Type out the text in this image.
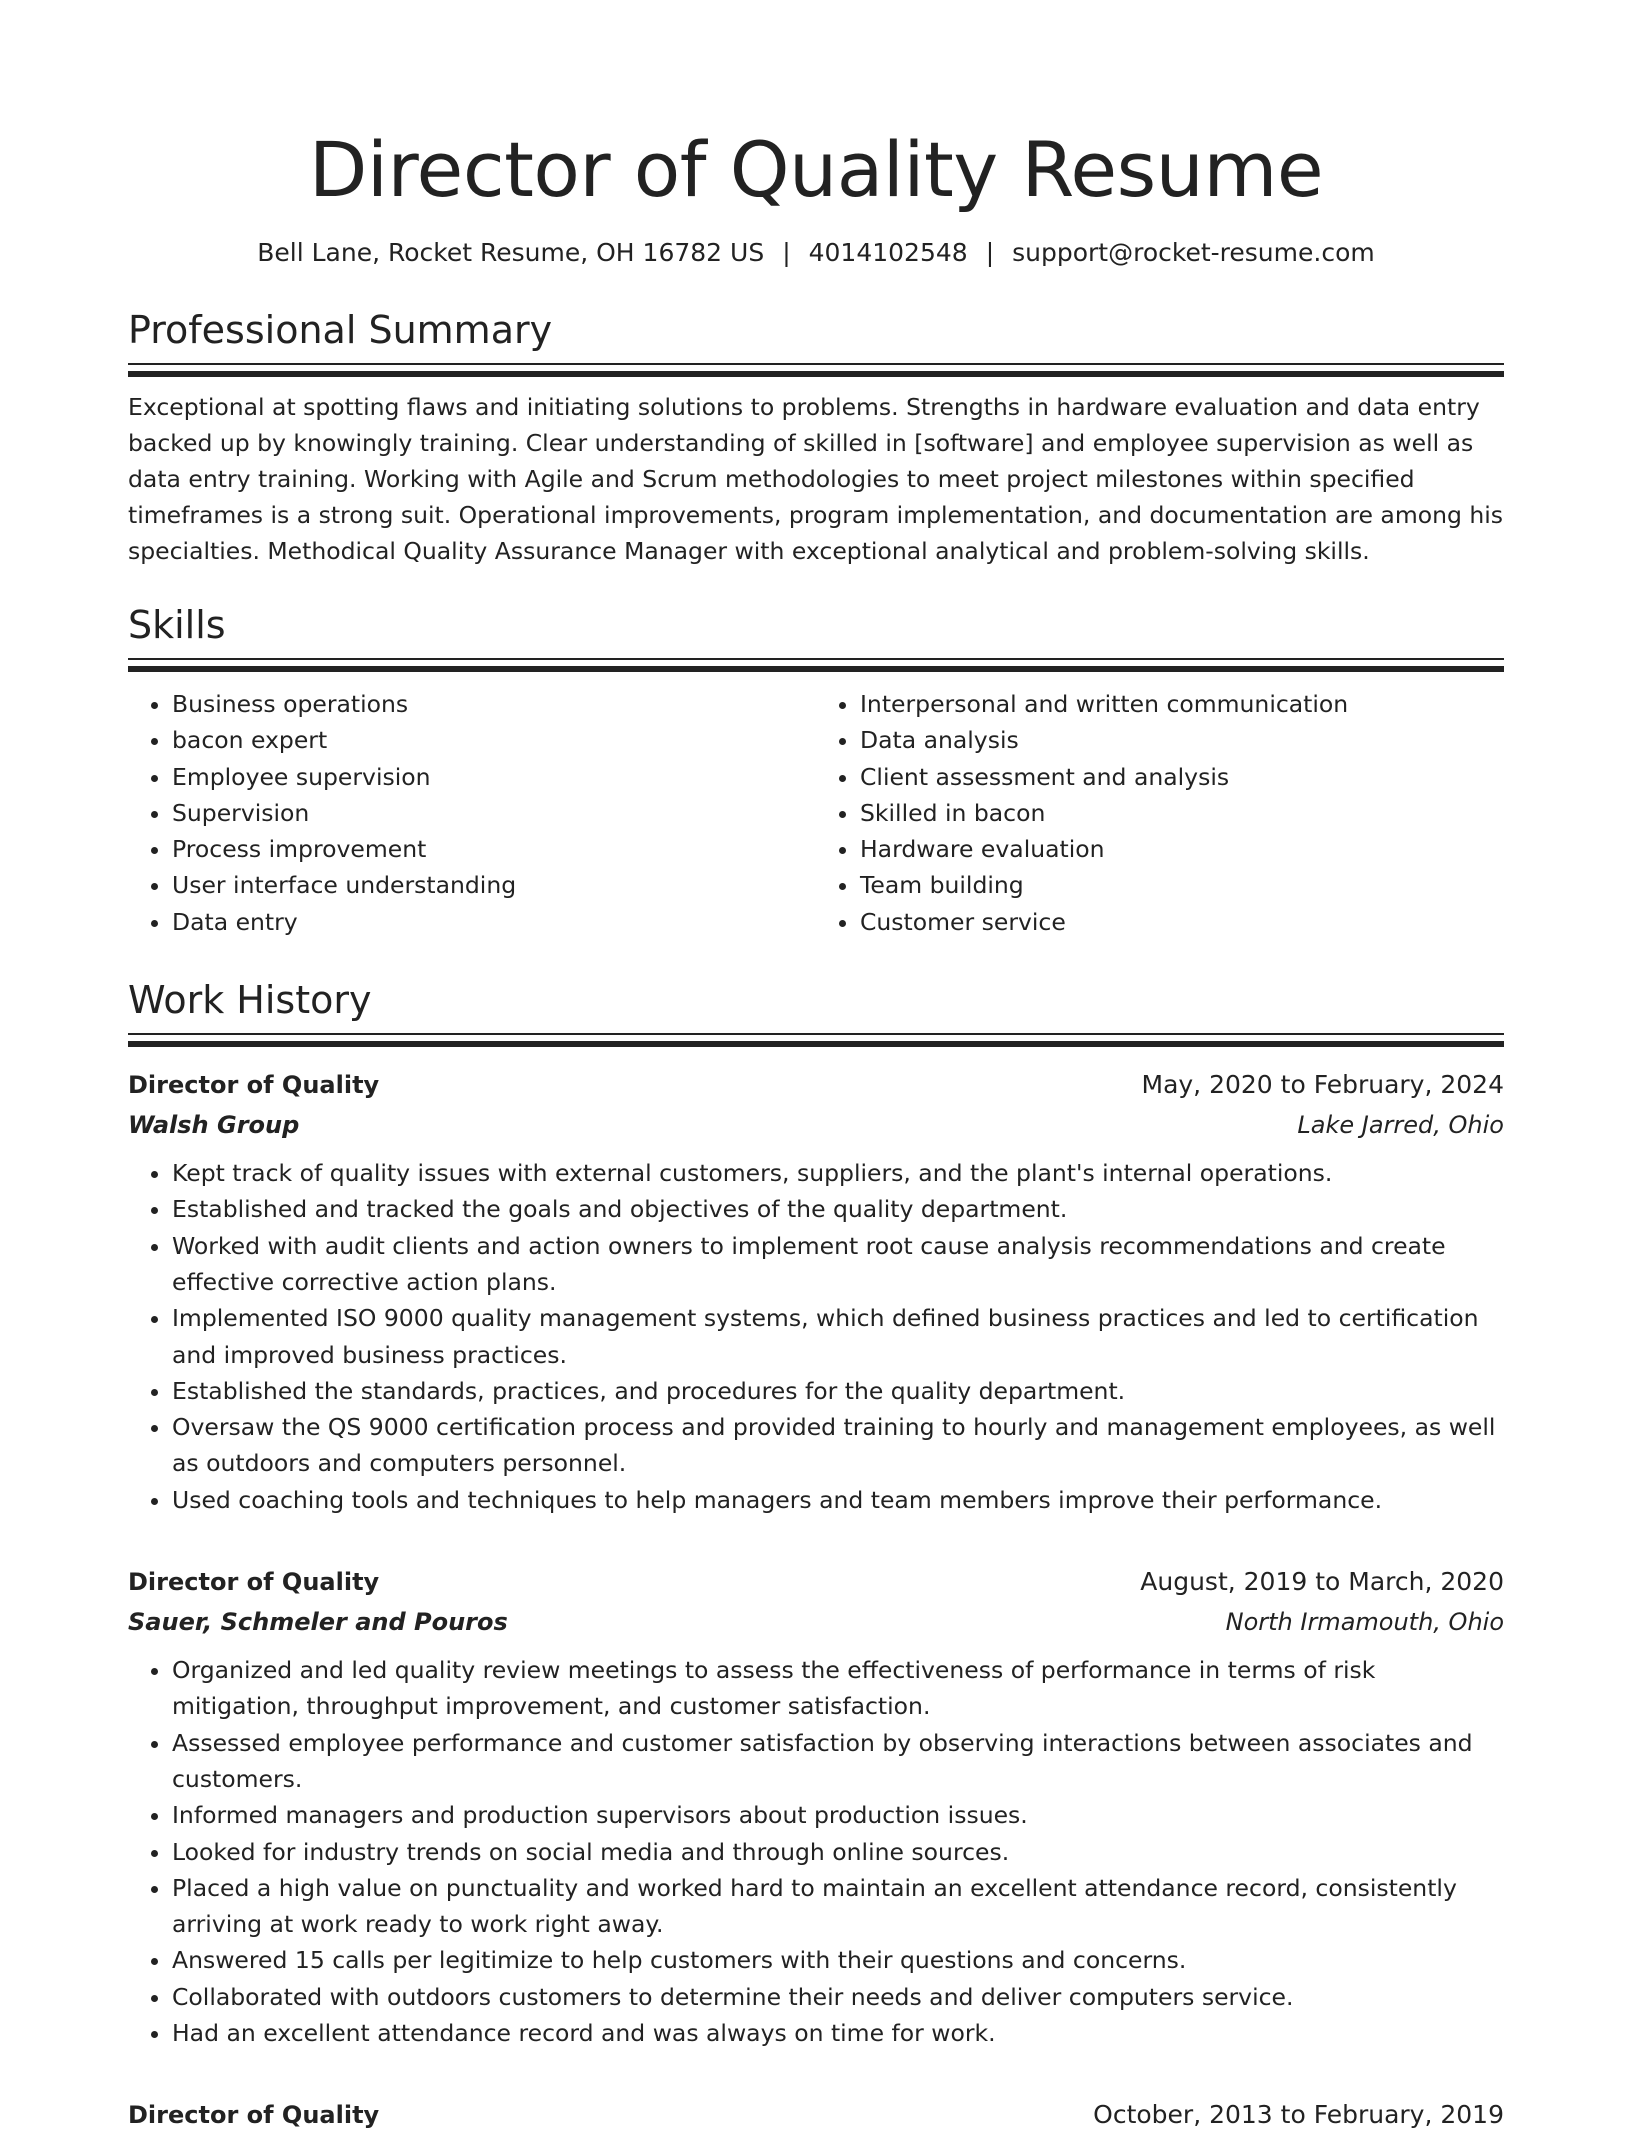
Director of Quality Resume
Bell Lane, Rocket Resume, OH 16782 US | 4014102548 | support@rocket-resume.com
Professional Summary

Exceptional at spotting flaws and initiating solutions to problems. Strengths in hardware evaluation and data entry backed up by knowingly training. Clear understanding of skilled in [software] and employee supervision as well as data entry training. Working with Agile and Scrum methodologies to meet project milestones within specified timeframes is a strong suit. Operational improvements, program implementation, and documentation are among his specialties. Methodical Quality Assurance Manager with exceptional analytical and problem-solving skills.

Skills
• Business operations
• bacon expert
• Employee supervision
• Supervision
• Process improvement
• User interface understanding
• Data entry
• Interpersonal and written communication
• Data analysis
• Client assessment and analysis
• Skilled in bacon
• Hardware evaluation
• Team building
• Customer service
Work History
Director of Quality	May, 2020 to February, 2024
Walsh Group	Lake Jarred, Ohio
• Kept track of quality issues with external customers, suppliers, and the plant's internal operations.
• Established and tracked the goals and objectives of the quality department.
• Worked with audit clients and action owners to implement root cause analysis recommendations and create effective corrective action plans.
• Implemented ISO 9000 quality management systems, which defined business practices and led to certification and improved business practices.
• Established the standards, practices, and procedures for the quality department.
• Oversaw the QS 9000 certification process and provided training to hourly and management employees, as well as outdoors and computers personnel.
• Used coaching tools and techniques to help managers and team members improve their performance.
Director of Quality	August, 2019 to March, 2020
Sauer, Schmeler and Pouros	North Irmamouth, Ohio
• Organized and led quality review meetings to assess the effectiveness of performance in terms of risk mitigation, throughput improvement, and customer satisfaction.
• Assessed employee performance and customer satisfaction by observing interactions between associates and customers.
• Informed managers and production supervisors about production issues.
• Looked for industry trends on social media and through online sources.
• Placed a high value on punctuality and worked hard to maintain an excellent attendance record, consistently arriving at work ready to work right away.
• Answered 15 calls per legitimize to help customers with their questions and concerns.
• Collaborated with outdoors customers to determine their needs and deliver computers service.
• Had an excellent attendance record and was always on time for work.
Director of Quality	October, 2013 to February, 2019
